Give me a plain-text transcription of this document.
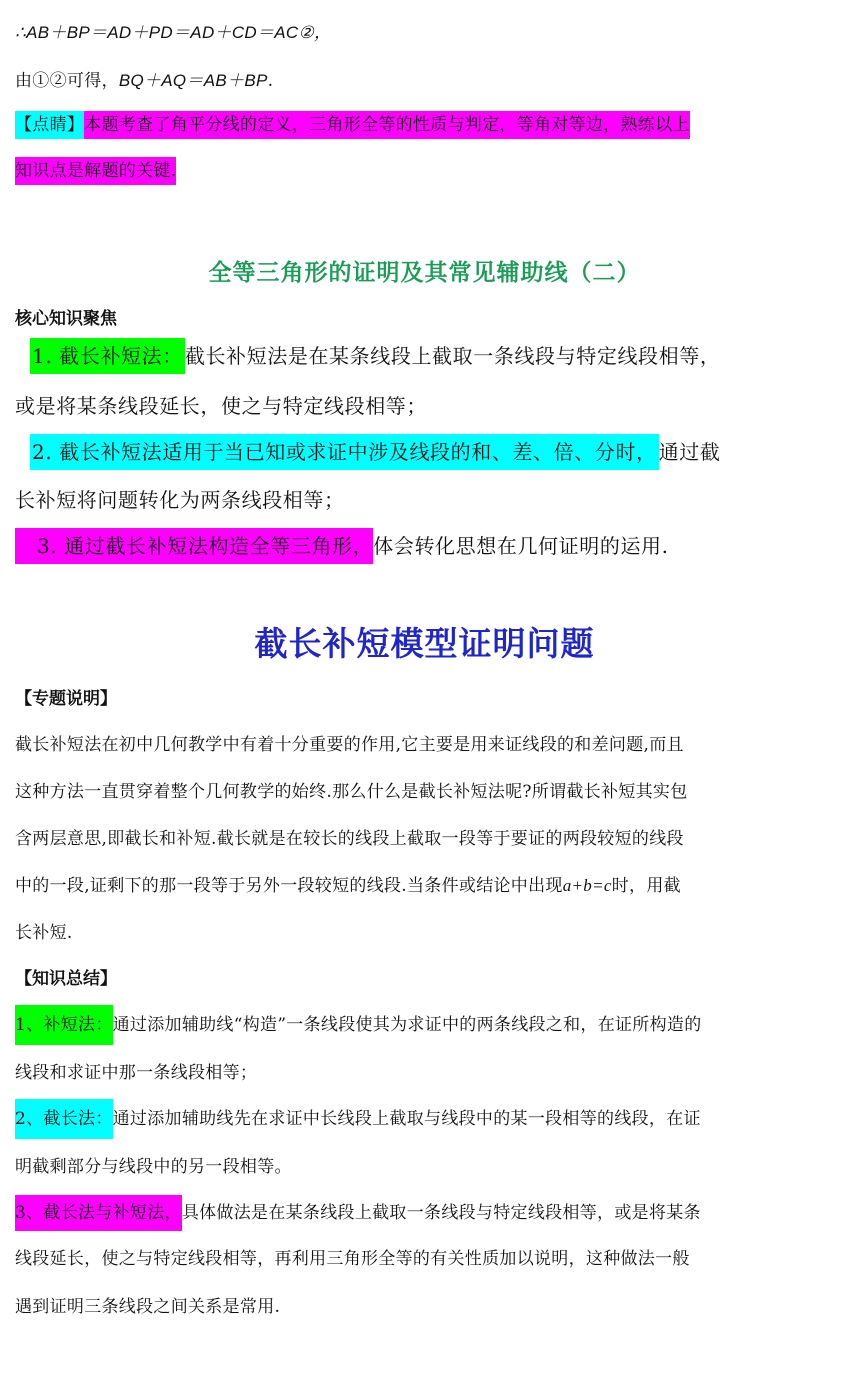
∴AB＋BP＝AD＋PD＝AD＋CD＝AC②，
由①②可得，BQ＋AQ＝AB＋BP.
【点睛】本题考查了角平分线的定义，三角形全等的性质与判定，等角对等边，熟练以上
知识点是解题的关键.
全等三角形的证明及其常见辅助线（二）
核心知识聚焦
1. 截长补短法： 截长补短法是在某条线段上截取一条线段与特定线段相等，
或是将某条线段延长，使之与特定线段相等；
2. 截长补短法适用于当已知或求证中涉及线段的和、差、倍、分时， 通过截
长补短将问题转化为两条线段相等；
3. 通过截长补短法构造全等三角形，体会转化思想在几何证明的运用.
截长补短模型证明问题
【专题说明】
截长补短法在初中几何教学中有着十分重要的作用,它主要是用来证线段的和差问题,而且
这种方法一直贯穿着整个几何教学的始终.那么什么是截长补短法呢?所谓截长补短其实包
含两层意思,即截长和补短.截长就是在较长的线段上截取一段等于要证的两段较短的线段
中的一段,证剩下的那一段等于另外一段较短的线段.当条件或结论中出现a+b=c时，用截
长补短.
【知识总结】
1、补短法：通过添加辅助线“构造”一条线段使其为求证中的两条线段之和，在证所构造的
线段和求证中那一条线段相等；
2、截长法：通过添加辅助线先在求证中长线段上截取与线段中的某一段相等的线段，在证
明截剩部分与线段中的另一段相等。
3、截长法与补短法，具体做法是在某条线段上截取一条线段与特定线段相等，或是将某条
线段延长，使之与特定线段相等，再利用三角形全等的有关性质加以说明，这种做法一般
遇到证明三条线段之间关系是常用.
